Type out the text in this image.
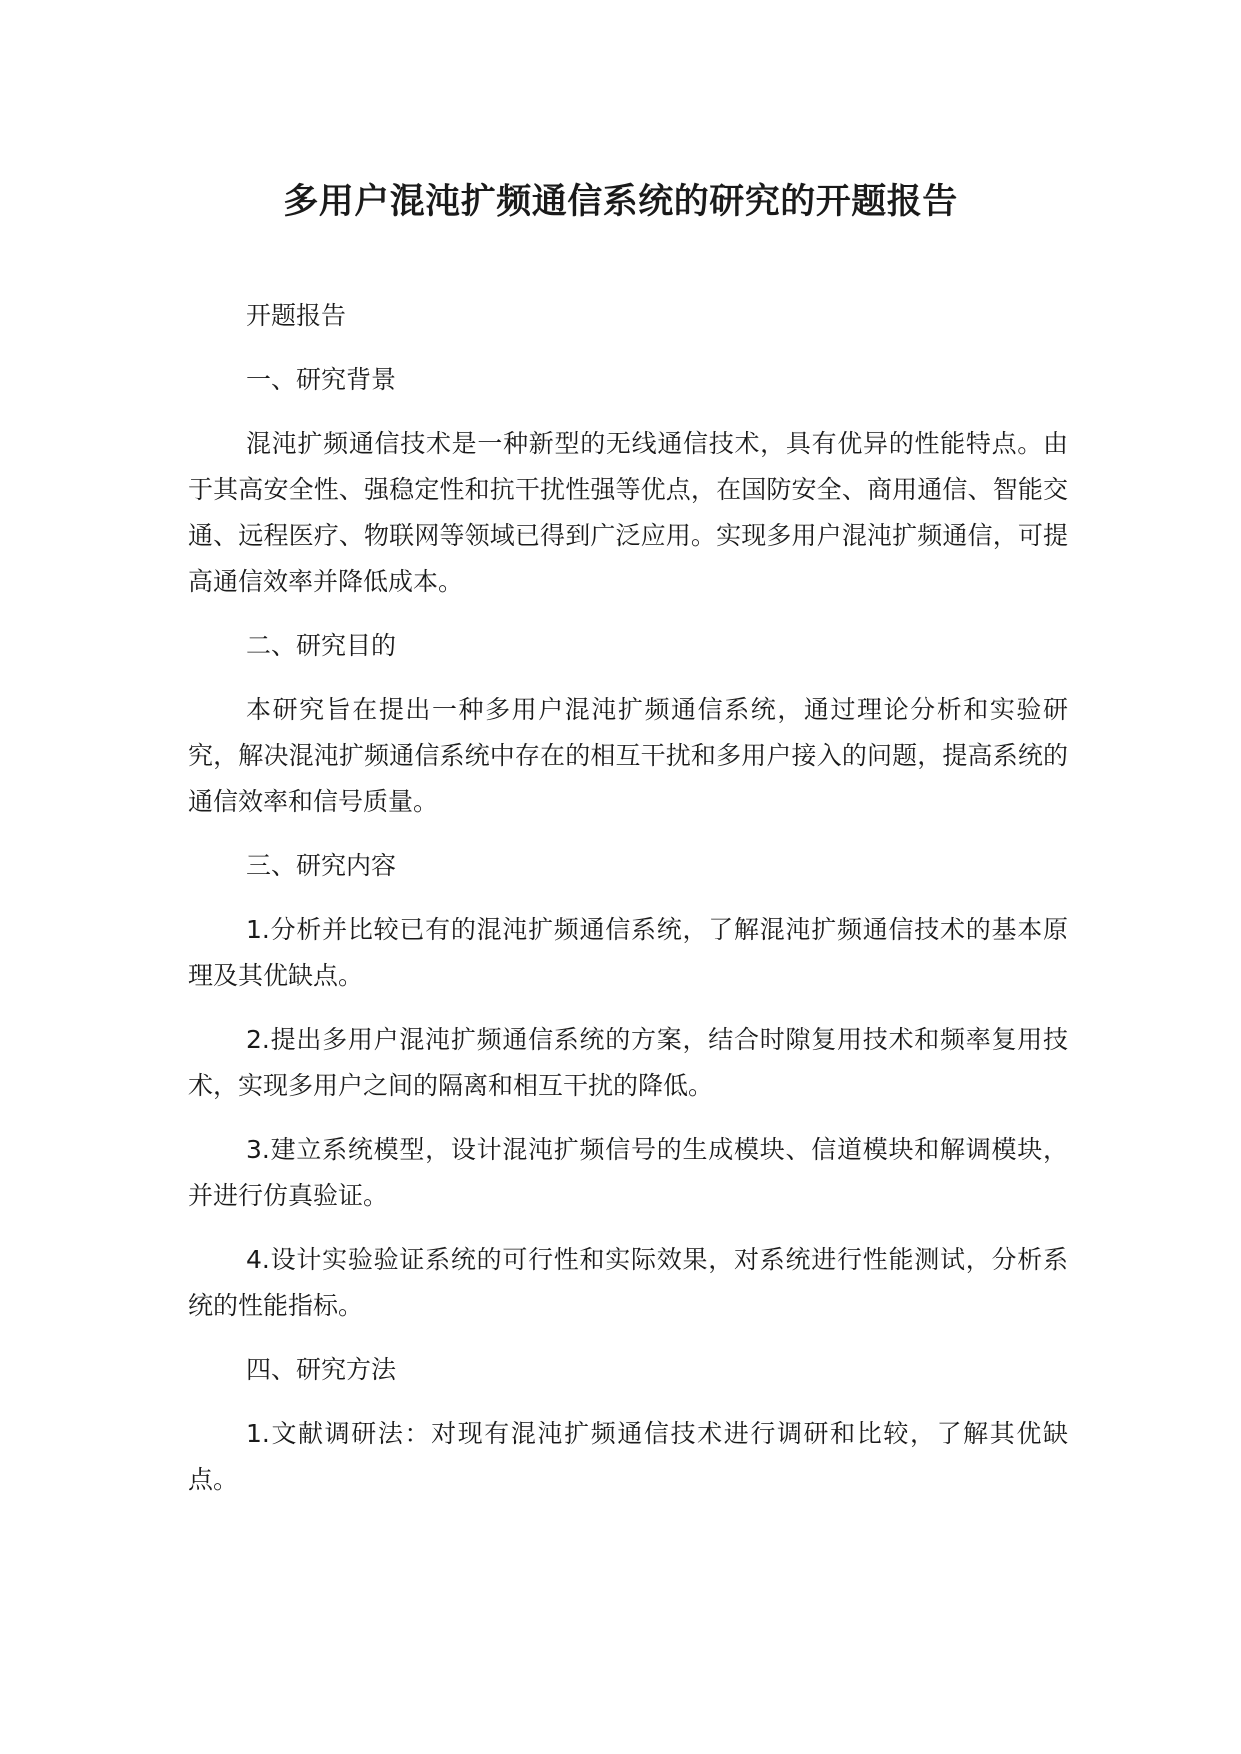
多用户混沌扩频通信系统的研究的开题报告

开题报告

一、研究背景

混沌扩频通信技术是一种新型的无线通信技术，具有优异的性能特点。由于其高安全性、强稳定性和抗干扰性强等优点，在国防安全、商用通信、智能交通、远程医疗、物联网等领域已得到广泛应用。实现多用户混沌扩频通信，可提高通信效率并降低成本。

二、研究目的

本研究旨在提出一种多用户混沌扩频通信系统，通过理论分析和实验研究，解决混沌扩频通信系统中存在的相互干扰和多用户接入的问题，提高系统的通信效率和信号质量。

三、研究内容

1.分析并比较已有的混沌扩频通信系统，了解混沌扩频通信技术的基本原理及其优缺点。

2.提出多用户混沌扩频通信系统的方案，结合时隙复用技术和频率复用技术，实现多用户之间的隔离和相互干扰的降低。

3.建立系统模型，设计混沌扩频信号的生成模块、信道模块和解调模块，并进行仿真验证。

4.设计实验验证系统的可行性和实际效果，对系统进行性能测试，分析系统的性能指标。

四、研究方法

1.文献调研法：对现有混沌扩频通信技术进行调研和比较，了解其优缺点。
